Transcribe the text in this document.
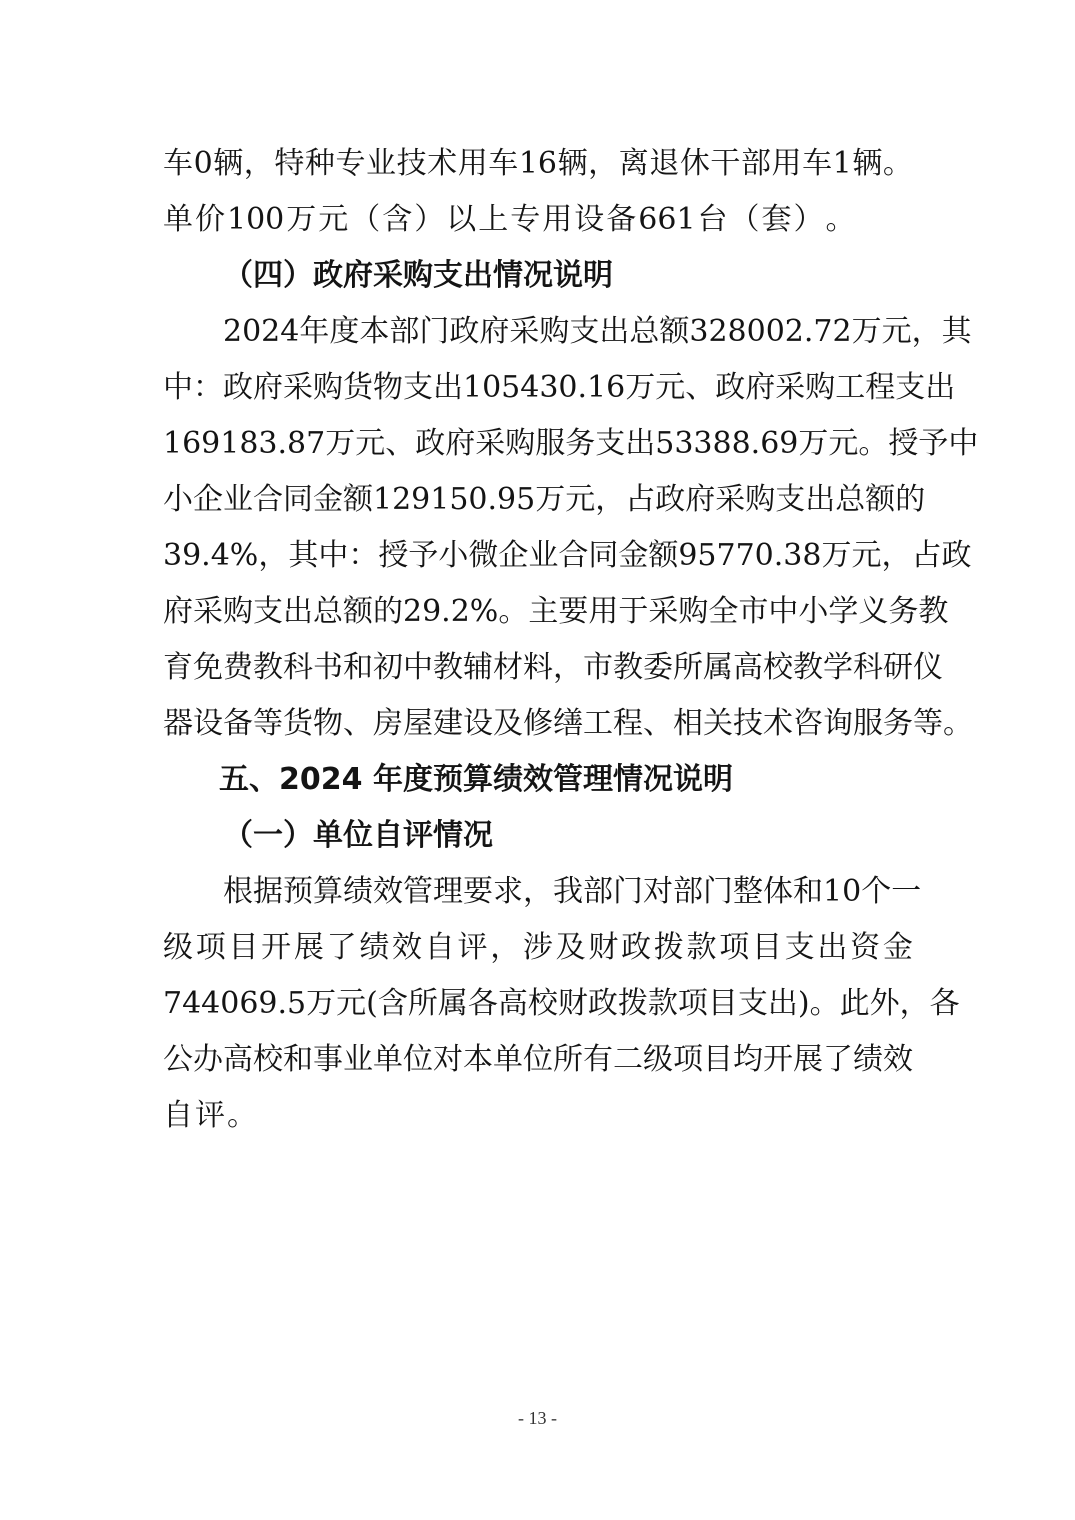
车 0 辆 ， 特 种 专 业 技 术 用 车 16 辆 ， 离 退 休 干 部 用 车 1 辆 。
单 价 100 万 元 （ 含 ） 以 上 专 用 设 备 661 台 （ 套 ） 。
（四）政府采购支出情况说明
2024 年 度 本 部 门 政 府 采 购 支 出 总 额 328002.72 万 元 ， 其
中 ： 政 府 采 购 货 物 支 出 105430.16 万 元 、 政 府 采 购 工 程 支 出
169183.87 万 元 、 政 府 采 购 服 务 支 出 53388.69 万 元 。 授 予 中
小 企 业 合 同 金 额 129150.95 万 元 ， 占 政 府 采 购 支 出 总 额 的
39.4% ， 其 中 ： 授 予 小 微 企 业 合 同 金 额 95770.38 万 元 ， 占 政
府 采 购 支 出 总 额 的 29.2 % 。 主 要 用 于 采 购 全 市 中 小 学 义 务 教
育 免 费 教 科 书 和 初 中 教 辅 材 料 ， 市 教 委 所 属 高 校 教 学 科 研 仪
器 设 备 等 货 物 、 房 屋 建 设 及 修 缮 工 程 、 相 关 技 术 咨 询 服 务 等 。
五、2024 年度预算绩效管理情况说明
（一）单位自评情况
根 据 预 算 绩 效 管 理 要 求 ， 我 部 门 对 部 门 整 体 和 10 个 一
级 项 目 开 展 了 绩 效 自 评 ， 涉 及 财 政 拨 款 项 目 支 出 资 金
744069.5 万 元 ( 含 所 属 各 高 校 财 政 拨 款 项 目 支 出 ) 。 此 外 ， 各
公 办 高 校 和 事 业 单 位 对 本 单 位 所 有 二 级 项 目 均 开 展 了 绩 效
自 评 。
- 13 -
